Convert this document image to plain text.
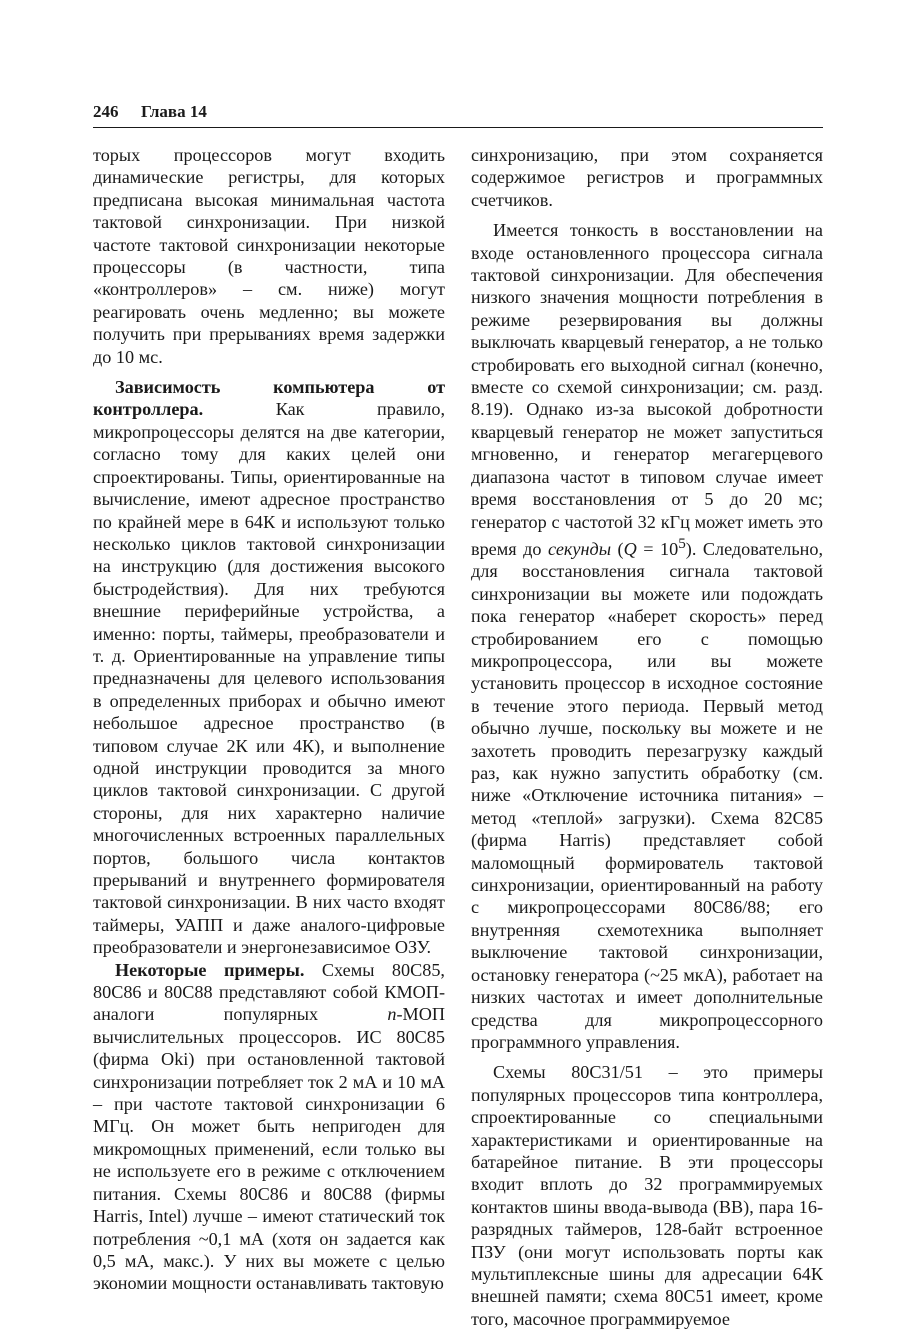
246 Глава 14

торых процессоров могут входить динамические регистры, для которых предписана высокая минимальная частота тактовой синхронизации. При низкой частоте тактовой синхронизации некоторые процессоры (в частности, типа «контроллеров» – см. ниже) могут реагировать очень медленно; вы можете получить при прерываниях время задержки до 10 мс.

Зависимость компьютера от контроллера. Как правило, микропроцессоры делятся на две категории, согласно тому для каких целей они спроектированы. Типы, ориентированные на вычисление, имеют адресное пространство по крайней мере в 64К и используют только несколько циклов тактовой синхронизации на инструкцию (для достижения высокого быстродействия). Для них требуются внешние периферийные устройства, а именно: порты, таймеры, преобразователи и т. д. Ориентированные на управление типы предназначены для целевого использования в определенных приборах и обычно имеют небольшое адресное пространство (в типовом случае 2К или 4К), и выполнение одной инструкции проводится за много циклов тактовой синхронизации. С другой стороны, для них характерно наличие многочисленных встроенных параллельных портов, большого числа контактов прерываний и внутреннего формирователя тактовой синхронизации. В них часто входят таймеры, УАПП и даже аналого-цифровые преобразователи и энергонезависимое ОЗУ.

Некоторые примеры. Схемы 80C85, 80C86 и 80C88 представляют собой КМОП-аналоги популярных n-МОП вычислительных процессоров. ИС 80C85 (фирма Oki) при остановленной тактовой синхронизации потребляет ток 2 мА и 10 мА – при частоте тактовой синхронизации 6 МГц. Он может быть непригоден для микромощных применений, если только вы не используете его в режиме с отключением питания. Схемы 80C86 и 80C88 (фирмы Harris, Intel) лучше – имеют статический ток потребления ~0,1 мА (хотя он задается как 0,5 мА, макс.). У них вы можете с целью экономии мощности останавливать тактовую

синхронизацию, при этом сохраняется содержимое регистров и программных счетчиков.

Имеется тонкость в восстановлении на входе остановленного процессора сигнала тактовой синхронизации. Для обеспечения низкого значения мощности потребления в режиме резервирования вы должны выключать кварцевый генератор, а не только стробировать его выходной сигнал (конечно, вместе со схемой синхронизации; см. разд. 8.19). Однако из-за высокой добротности кварцевый генератор не может запуститься мгновенно, и генератор мегагерцевого диапазона частот в типовом случае имеет время восстановления от 5 до 20 мс; генератор с частотой 32 кГц может иметь это время до секунды $(Q = 10^5)$. Следовательно, для восстановления сигнала тактовой синхронизации вы можете или подождать пока генератор «наберет скорость» перед стробированием его с помощью микропроцессора, или вы можете установить процессор в исходное состояние в течение этого периода. Первый метод обычно лучше, поскольку вы можете и не захотеть проводить перезагрузку каждый раз, как нужно запустить обработку (см. ниже «Отключение источника питания» – метод «теплой» загрузки). Схема 82C85 (фирма Harris) представляет собой маломощный формирователь тактовой синхронизации, ориентированный на работу с микропроцессорами 80C86/88; его внутренняя схемотехника выполняет выключение тактовой синхронизации, остановку генератора (~25 мкА), работает на низких частотах и имеет дополнительные средства для микропроцессорного программного управления.

Схемы 80C31/51 – это примеры популярных процессоров типа контроллера, спроектированные со специальными характеристиками и ориентированные на батарейное питание. В эти процессоры входит вплоть до 32 программируемых контактов шины ввода-вывода (ВВ), пара 16-разрядных таймеров, 128-байт встроенное ПЗУ (они могут использовать порты как мультиплексные шины для адресации 64К внешней памяти; схема 80C51 имеет, кроме того, масочное программируемое
